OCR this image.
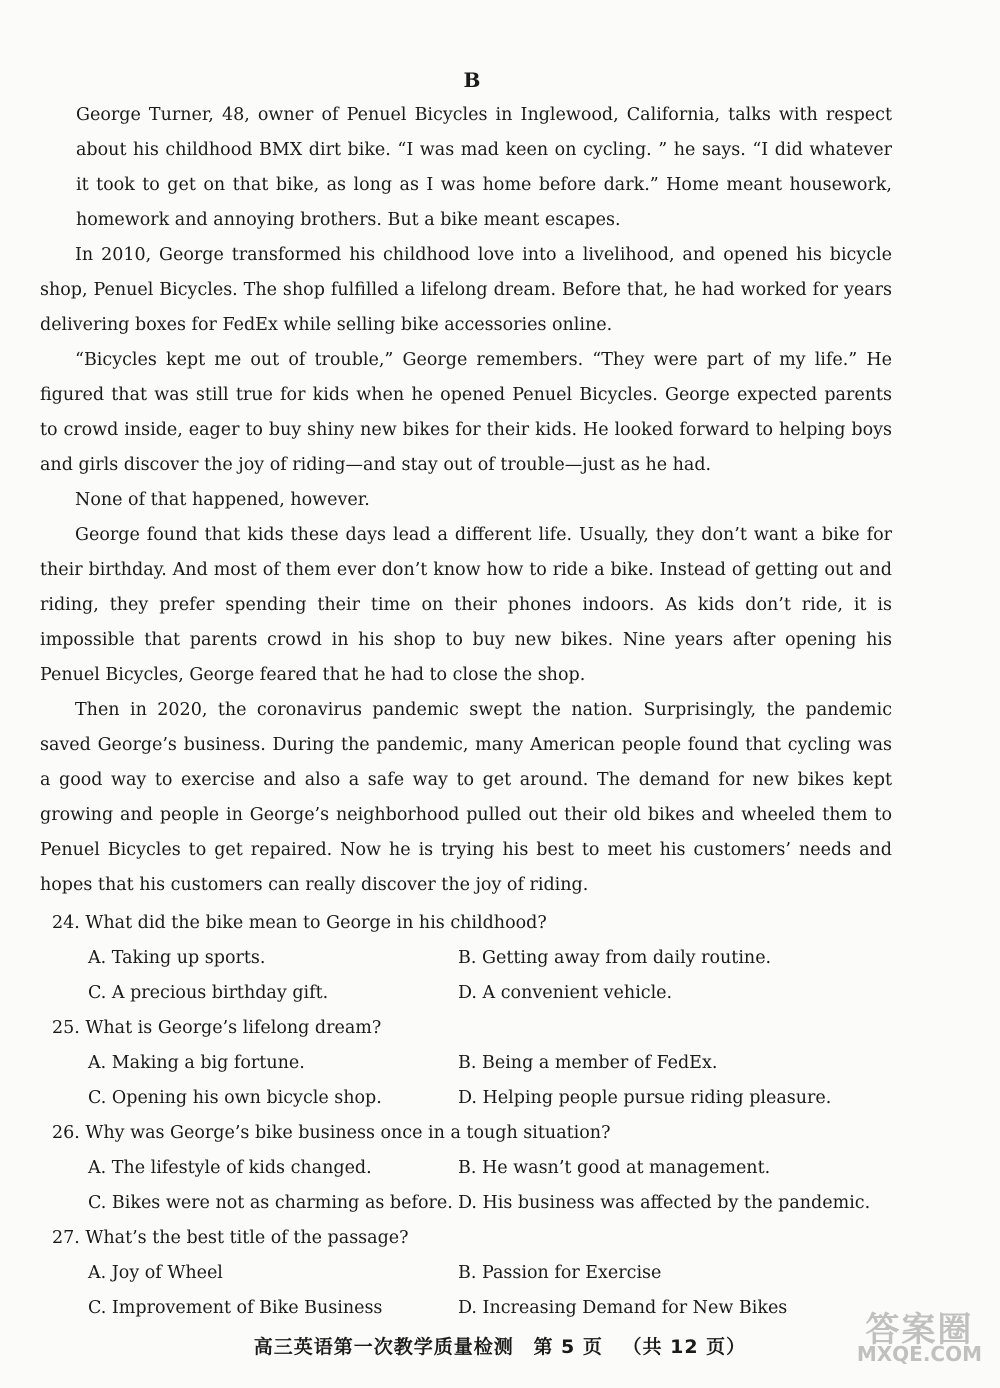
B

George Turner, 48, owner of Penuel Bicycles in Inglewood, California, talks with respect about his childhood BMX dirt bike. “I was mad keen on cycling. ” he says. “I did whatever it took to get on that bike, as long as I was home before dark.” Home meant housework, homework and annoying brothers. But a bike meant escapes.

In 2010, George transformed his childhood love into a livelihood, and opened his bicycle shop, Penuel Bicycles. The shop fulfilled a lifelong dream. Before that, he had worked for years delivering boxes for FedEx while selling bike accessories online.

“Bicycles kept me out of trouble,” George remembers. “They were part of my life.” He figured that was still true for kids when he opened Penuel Bicycles. George expected parents to crowd inside, eager to buy shiny new bikes for their kids. He looked forward to helping boys and girls discover the joy of riding—and stay out of trouble—just as he had.

None of that happened, however.

George found that kids these days lead a different life. Usually, they don’t want a bike for their birthday. And most of them ever don’t know how to ride a bike. Instead of getting out and riding, they prefer spending their time on their phones indoors. As kids don’t ride, it is impossible that parents crowd in his shop to buy new bikes. Nine years after opening his Penuel Bicycles, George feared that he had to close the shop.

Then in 2020, the coronavirus pandemic swept the nation. Surprisingly, the pandemic saved George’s business. During the pandemic, many American people found that cycling was a good way to exercise and also a safe way to get around. The demand for new bikes kept growing and people in George’s neighborhood pulled out their old bikes and wheeled them to Penuel Bicycles to get repaired. Now he is trying his best to meet his customers’ needs and hopes that his customers can really discover the joy of riding.

24. What did the bike mean to George in his childhood?
A. Taking up sports.	B. Getting away from daily routine.
C. A precious birthday gift.	D. A convenient vehicle.
25. What is George’s lifelong dream?
A. Making a big fortune.	B. Being a member of FedEx.
C. Opening his own bicycle shop.	D. Helping people pursue riding pleasure.
26. Why was George’s bike business once in a tough situation?
A. The lifestyle of kids changed.	B. He wasn’t good at management.
C. Bikes were not as charming as before. D. His business was affected by the pandemic.
27. What’s the best title of the passage?
A. Joy of Wheel	B. Passion for Exercise
C. Improvement of Bike Business	D. Increasing Demand for New Bikes
高三英语第一次教学质量检测 第 5 页 （共 12 页）	答案圈
MXQE.COM
